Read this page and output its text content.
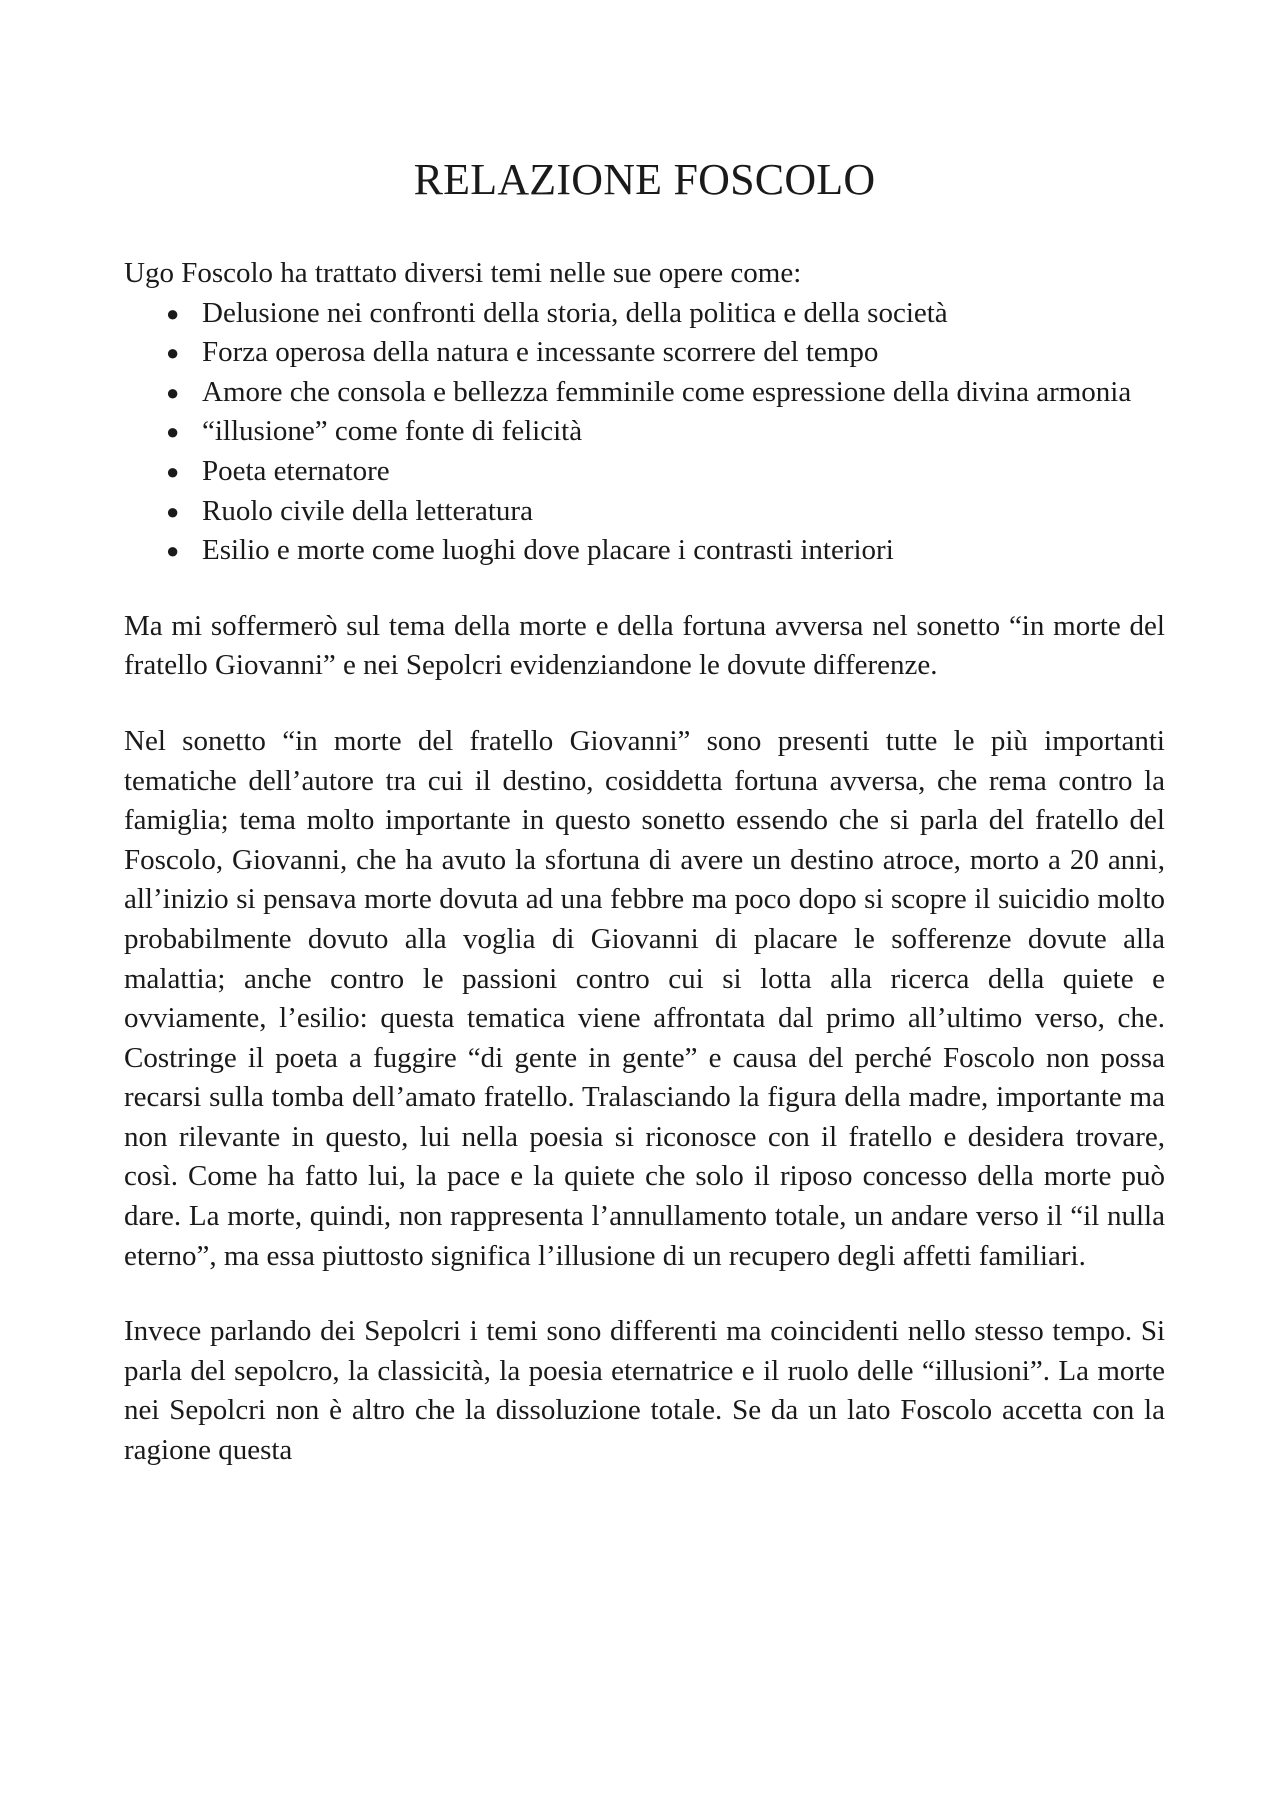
RELAZIONE FOSCOLO

Ugo Foscolo ha trattato diversi temi nelle sue opere come:

● Delusione nei confronti della storia, della politica e della società
● Forza operosa della natura e incessante scorrere del tempo
● Amore che consola e bellezza femminile come espressione della divina armonia
● “illusione” come fonte di felicità
● Poeta eternatore
● Ruolo civile della letteratura
● Esilio e morte come luoghi dove placare i contrasti interiori

Ma mi soffermerò sul tema della morte e della fortuna avversa nel sonetto “in morte del fratello Giovanni” e nei Sepolcri evidenziandone le dovute differenze.

Nel sonetto “in morte del fratello Giovanni” sono presenti tutte le più importanti tematiche dell’autore tra cui il destino, cosiddetta fortuna avversa, che rema contro la famiglia; tema molto importante in questo sonetto essendo che si parla del fratello del Foscolo, Giovanni, che ha avuto la sfortuna di avere un destino atroce, morto a 20 anni, all’inizio si pensava morte dovuta ad una febbre ma poco dopo si scopre il suicidio molto probabilmente dovuto alla voglia di Giovanni di placare le sofferenze dovute alla malattia; anche contro le passioni contro cui si lotta alla ricerca della quiete e ovviamente, l’esilio: questa tematica viene affrontata dal primo all’ultimo verso, che. Costringe il poeta a fuggire “di gente in gente” e causa del perché Foscolo non possa recarsi sulla tomba dell’amato fratello. Tralasciando la figura della madre, importante ma non rilevante in questo, lui nella poesia si riconosce con il fratello e desidera trovare, così. Come ha fatto lui, la pace e la quiete che solo il riposo concesso della morte può dare. La morte, quindi, non rappresenta l’annullamento totale, un andare verso il “il nulla eterno”, ma essa piuttosto significa l’illusione di un recupero degli affetti familiari.

Invece parlando dei Sepolcri i temi sono differenti ma coincidenti nello stesso tempo. Si parla del sepolcro, la classicità, la poesia eternatrice e il ruolo delle “illusioni”. La morte nei Sepolcri non è altro che la dissoluzione totale. Se da un lato Foscolo accetta con la ragione questa
